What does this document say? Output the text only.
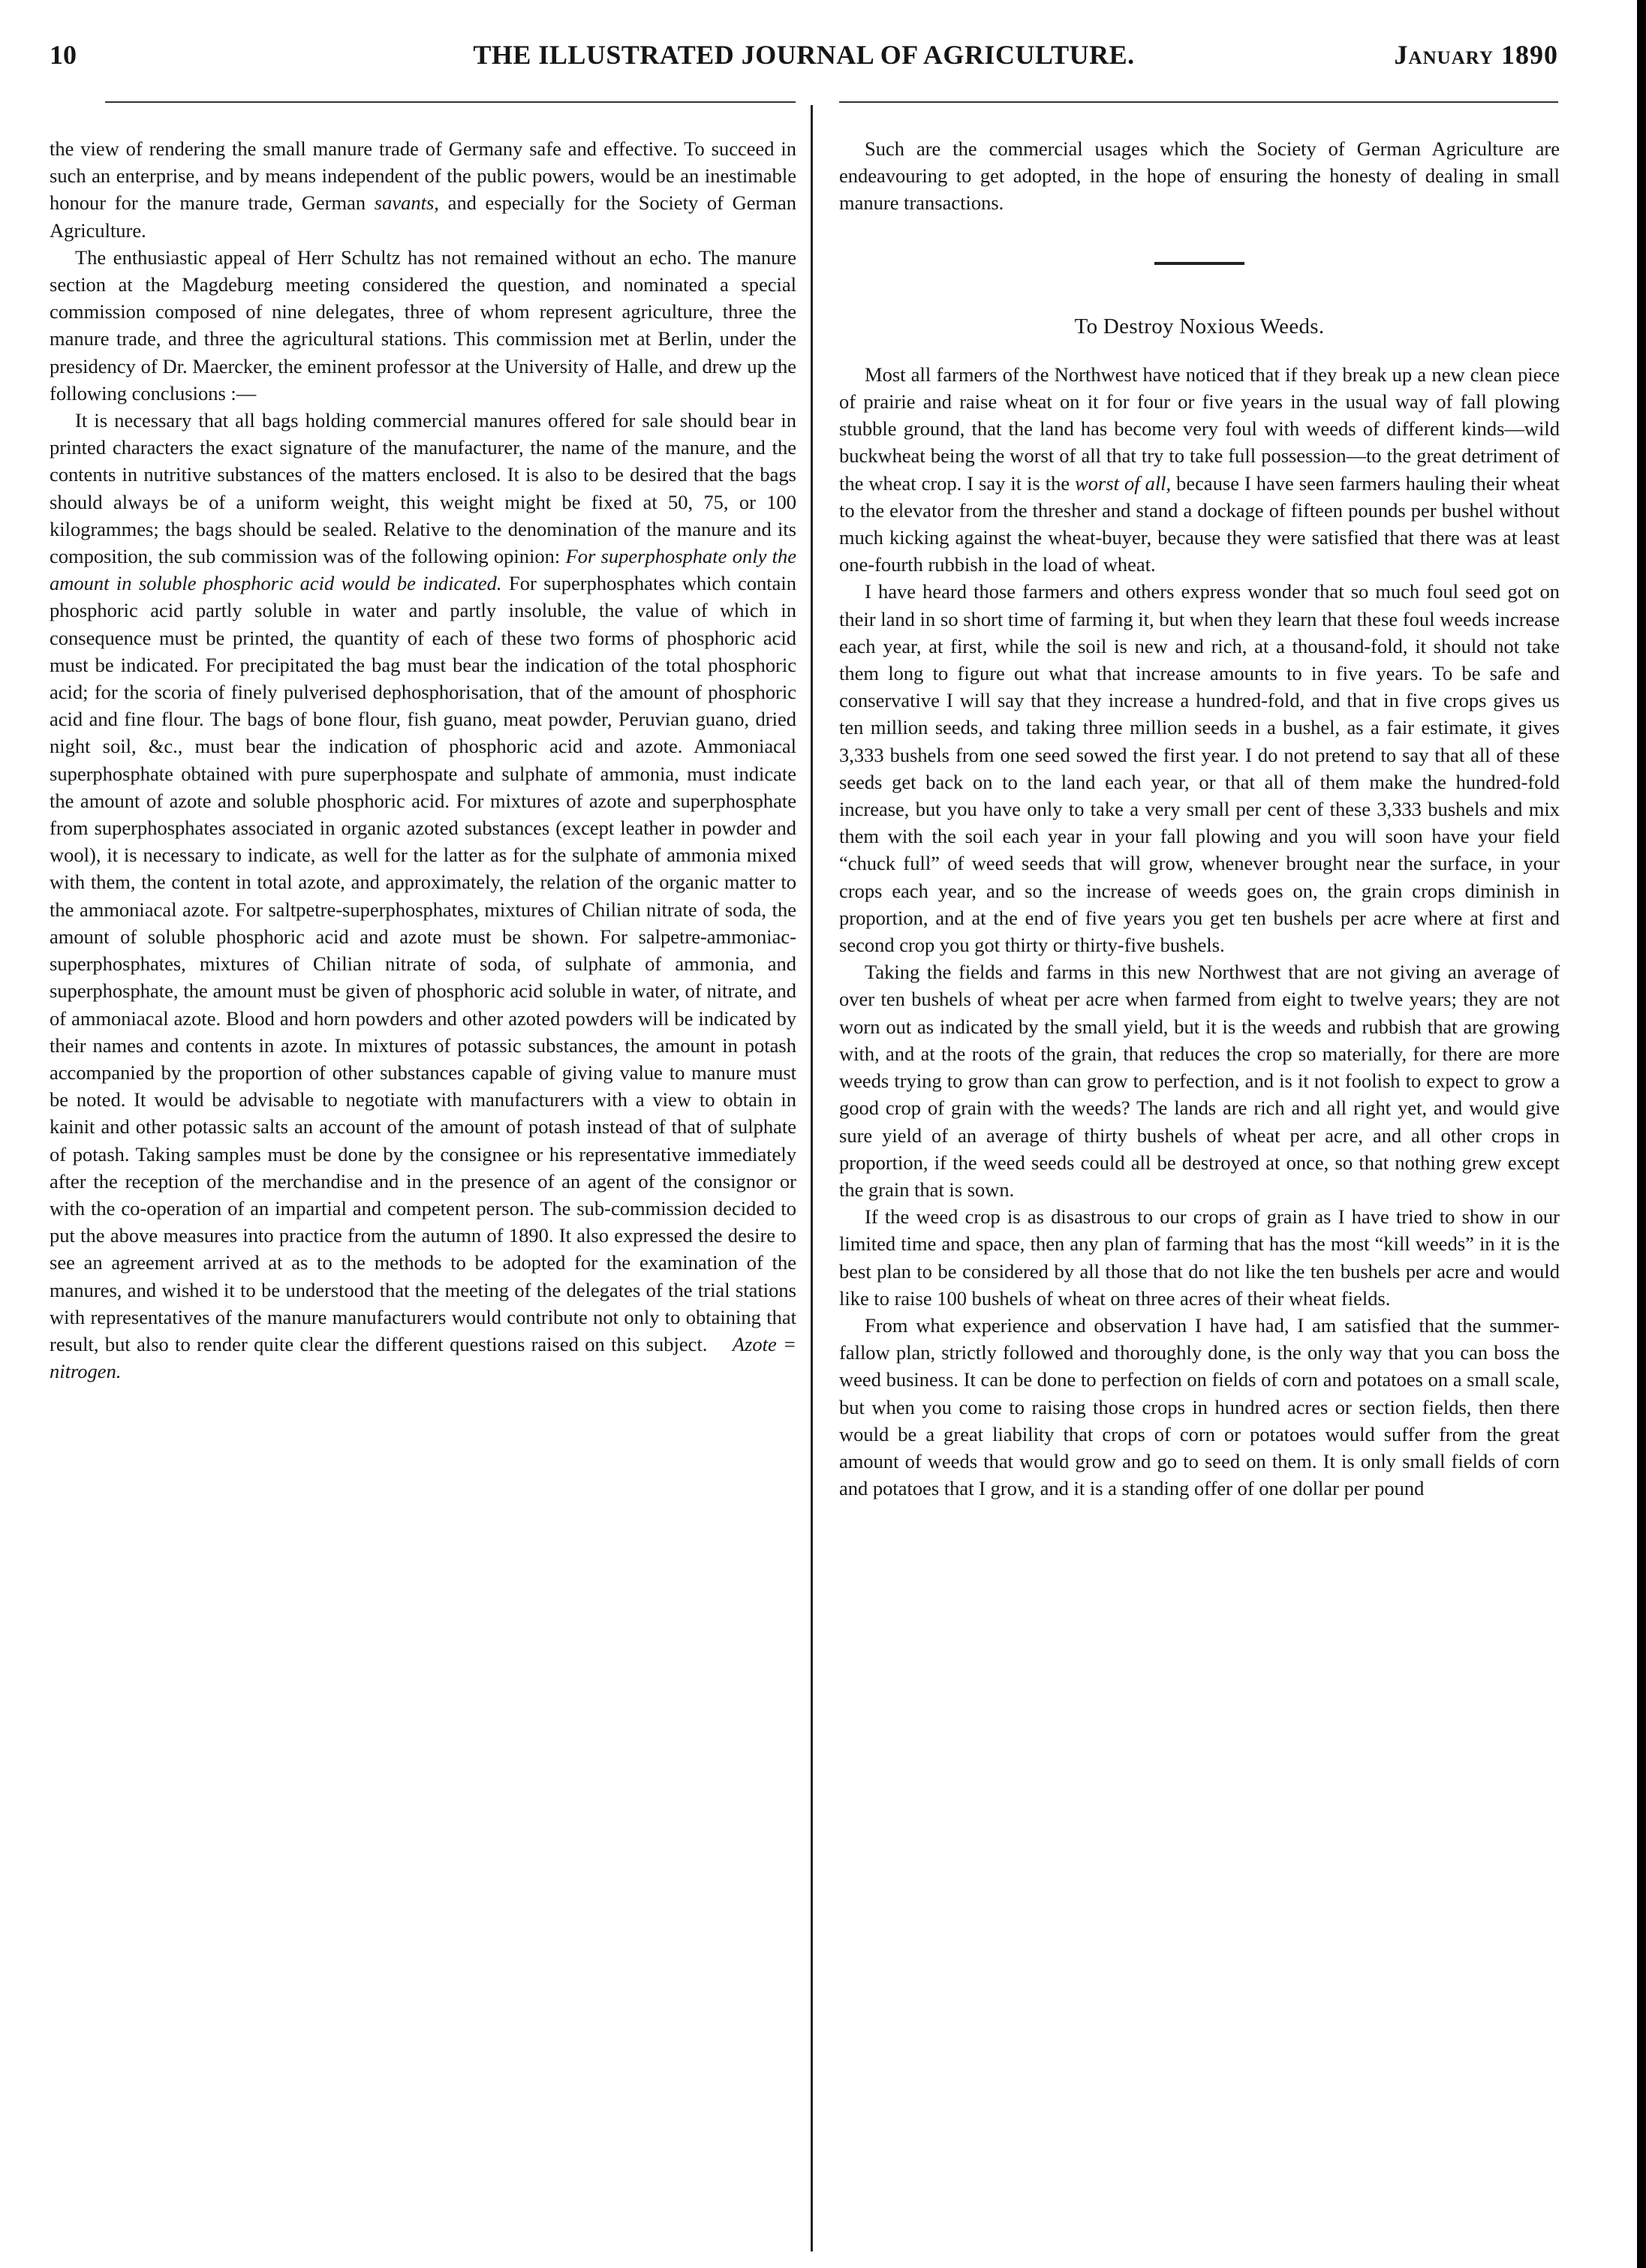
10	THE ILLUSTRATED JOURNAL OF AGRICULTURE.	January 1890

the view of rendering the small manure trade of Germany safe and effective. To succeed in such an enterprise, and by means independent of the public powers, would be an inestimable honour for the manure trade, German savants, and especially for the Society of German Agriculture.

The enthusiastic appeal of Herr Schultz has not remained without an echo. The manure section at the Magdeburg meeting considered the question, and nominated a special commission composed of nine delegates, three of whom represent agriculture, three the manure trade, and three the agricultural stations. This commission met at Berlin, under the presidency of Dr. Maercker, the eminent professor at the University of Halle, and drew up the following conclusions :—

It is necessary that all bags holding commercial manures offered for sale should bear in printed characters the exact signature of the manufacturer, the name of the manure, and the contents in nutritive substances of the matters enclosed. It is also to be desired that the bags should always be of a uniform weight, this weight might be fixed at 50, 75, or 100 kilogrammes; the bags should be sealed. Relative to the denomination of the manure and its composition, the sub commission was of the following opinion: For superphosphate only the amount in soluble phosphoric acid would be indicated. For superphosphates which contain phosphoric acid partly soluble in water and partly insoluble, the value of which in consequence must be printed, the quantity of each of these two forms of phosphoric acid must be indicated. For precipitated the bag must bear the indication of the total phosphoric acid; for the scoria of finely pulverised dephosphorisation, that of the amount of phosphoric acid and fine flour. The bags of bone flour, fish guano, meat powder, Peruvian guano, dried night soil, &c., must bear the indication of phosphoric acid and azote. Ammoniacal superphosphate obtained with pure superphospate and sulphate of ammonia, must indicate the amount of azote and soluble phosphoric acid. For mixtures of azote and superphosphate from superphosphates associated in organic azoted substances (except leather in powder and wool), it is necessary to indicate, as well for the latter as for the sulphate of ammonia mixed with them, the content in total azote, and approximately, the relation of the organic matter to the ammoniacal azote. For saltpetre-superphosphates, mixtures of Chilian nitrate of soda, the amount of soluble phosphoric acid and azote must be shown. For salpetre-ammoniac-superphosphates, mixtures of Chilian nitrate of soda, of sulphate of ammonia, and superphosphate, the amount must be given of phosphoric acid soluble in water, of nitrate, and of ammoniacal azote. Blood and horn powders and other azoted powders will be indicated by their names and contents in azote. In mixtures of potassic substances, the amount in potash accompanied by the proportion of other substances capable of giving value to manure must be noted. It would be advisable to negotiate with manufacturers with a view to obtain in kainit and other potassic salts an account of the amount of potash instead of that of sulphate of potash. Taking samples must be done by the consignee or his representative immediately after the reception of the merchandise and in the presence of an agent of the consignor or with the co-operation of an impartial and competent person. The sub-commission decided to put the above measures into practice from the autumn of 1890. It also expressed the desire to see an agreement arrived at as to the methods to be adopted for the examination of the manures, and wished it to be understood that the meeting of the delegates of the trial stations with representatives of the manure manufacturers would contribute not only to obtaining that result, but also to render quite clear the different questions raised on this subject. Azote = nitrogen.

Such are the commercial usages which the Society of German Agriculture are endeavouring to get adopted, in the hope of ensuring the honesty of dealing in small manure transactions.

To Destroy Noxious Weeds.

Most all farmers of the Northwest have noticed that if they break up a new clean piece of prairie and raise wheat on it for four or five years in the usual way of fall plowing stubble ground, that the land has become very foul with weeds of different kinds—wild buckwheat being the worst of all that try to take full possession—to the great detriment of the wheat crop. I say it is the worst of all, because I have seen farmers hauling their wheat to the elevator from the thresher and stand a dockage of fifteen pounds per bushel without much kicking against the wheat-buyer, because they were satisfied that there was at least one-fourth rubbish in the load of wheat.

I have heard those farmers and others express wonder that so much foul seed got on their land in so short time of farming it, but when they learn that these foul weeds increase each year, at first, while the soil is new and rich, at a thousand-fold, it should not take them long to figure out what that increase amounts to in five years. To be safe and conservative I will say that they increase a hundred-fold, and that in five crops gives us ten million seeds, and taking three million seeds in a bushel, as a fair estimate, it gives 3,333 bushels from one seed sowed the first year. I do not pretend to say that all of these seeds get back on to the land each year, or that all of them make the hundred-fold increase, but you have only to take a very small per cent of these 3,333 bushels and mix them with the soil each year in your fall plowing and you will soon have your field “chuck full” of weed seeds that will grow, whenever brought near the surface, in your crops each year, and so the increase of weeds goes on, the grain crops diminish in proportion, and at the end of five years you get ten bushels per acre where at first and second crop you got thirty or thirty-five bushels.

Taking the fields and farms in this new Northwest that are not giving an average of over ten bushels of wheat per acre when farmed from eight to twelve years; they are not worn out as indicated by the small yield, but it is the weeds and rubbish that are growing with, and at the roots of the grain, that reduces the crop so materially, for there are more weeds trying to grow than can grow to perfection, and is it not foolish to expect to grow a good crop of grain with the weeds? The lands are rich and all right yet, and would give sure yield of an average of thirty bushels of wheat per acre, and all other crops in proportion, if the weed seeds could all be destroyed at once, so that nothing grew except the grain that is sown.

If the weed crop is as disastrous to our crops of grain as I have tried to show in our limited time and space, then any plan of farming that has the most “kill weeds” in it is the best plan to be considered by all those that do not like the ten bushels per acre and would like to raise 100 bushels of wheat on three acres of their wheat fields.

From what experience and observation I have had, I am satisfied that the summer-fallow plan, strictly followed and thoroughly done, is the only way that you can boss the weed business. It can be done to perfection on fields of corn and potatoes on a small scale, but when you come to raising those crops in hundred acres or section fields, then there would be a great liability that crops of corn or potatoes would suffer from the great amount of weeds that would grow and go to seed on them. It is only small fields of corn and potatoes that I grow, and it is a standing offer of one dollar per pound
